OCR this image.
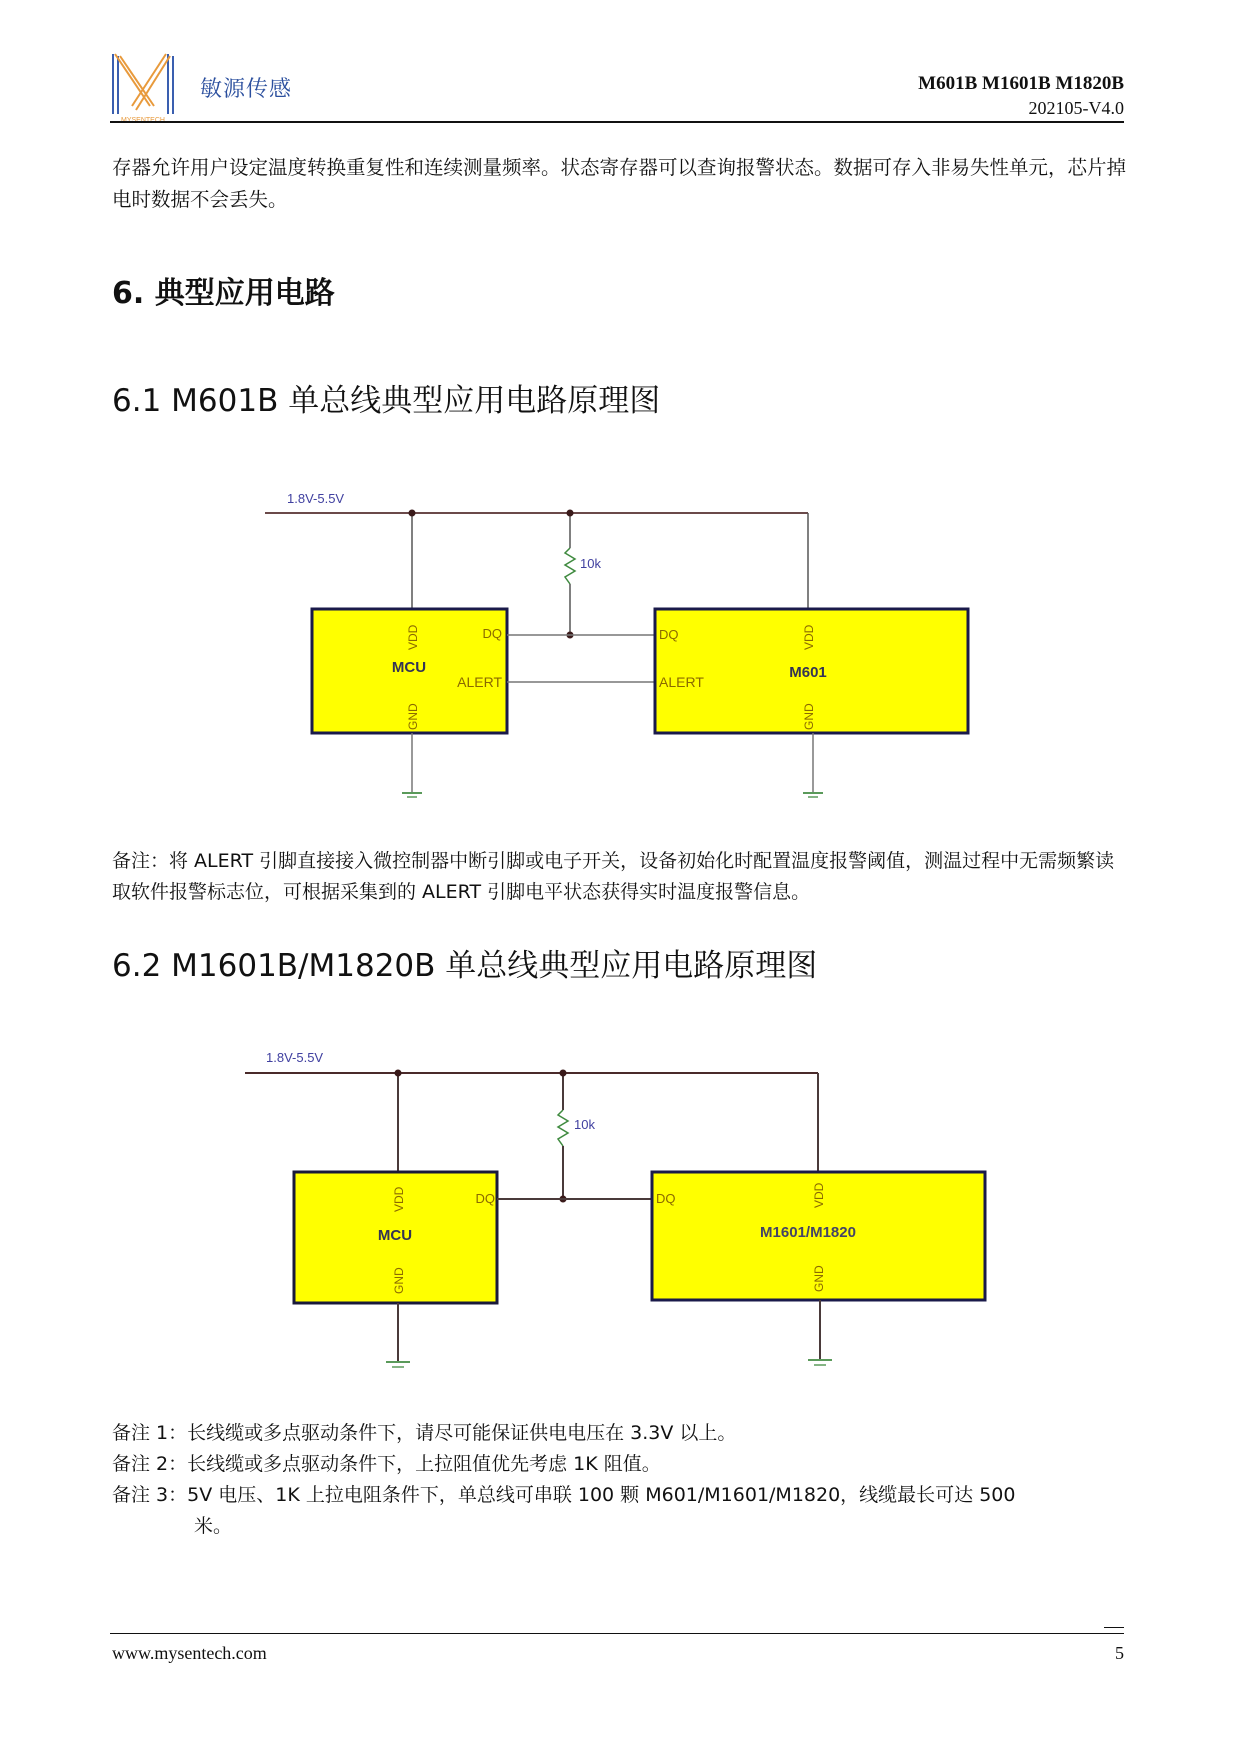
敏源传感	M601B M1601B M1820B
202105-V4.0
存器允许用户设定温度转换重复性和连续测量频率。状态寄存器可以查询报警状态。数据可存入非易失性单元，芯片掉电时数据不会丢失。
6. 典型应用电路
6.1 M601B 单总线典型应用电路原理图
1.8V-5.5V
10k
MCU
VDD	DQ
ALERT
GND
M601
VDD
DQ
ALERT
GND
备注：将 ALERT 引脚直接接入微控制器中断引脚或电子开关，设备初始化时配置温度报警阈值，测温过程中无需频繁读取软件报警标志位，可根据采集到的 ALERT 引脚电平状态获得实时温度报警信息。
6.2 M1601B/M1820B 单总线典型应用电路原理图
1.8V-5.5V
10k
MCU
VDD	DQ
GND
M1601/M1820
VDD
DQ
GND
备注 1：长线缆或多点驱动条件下，请尽可能保证供电电压在 3.3V 以上。
备注 2：长线缆或多点驱动条件下，上拉阻值优先考虑 1K 阻值。
备注 3：5V 电压、1K 上拉电阻条件下，单总线可串联 100 颗 M601/M1601/M1820，线缆最长可达 500
米。
www.mysentech.com	5
